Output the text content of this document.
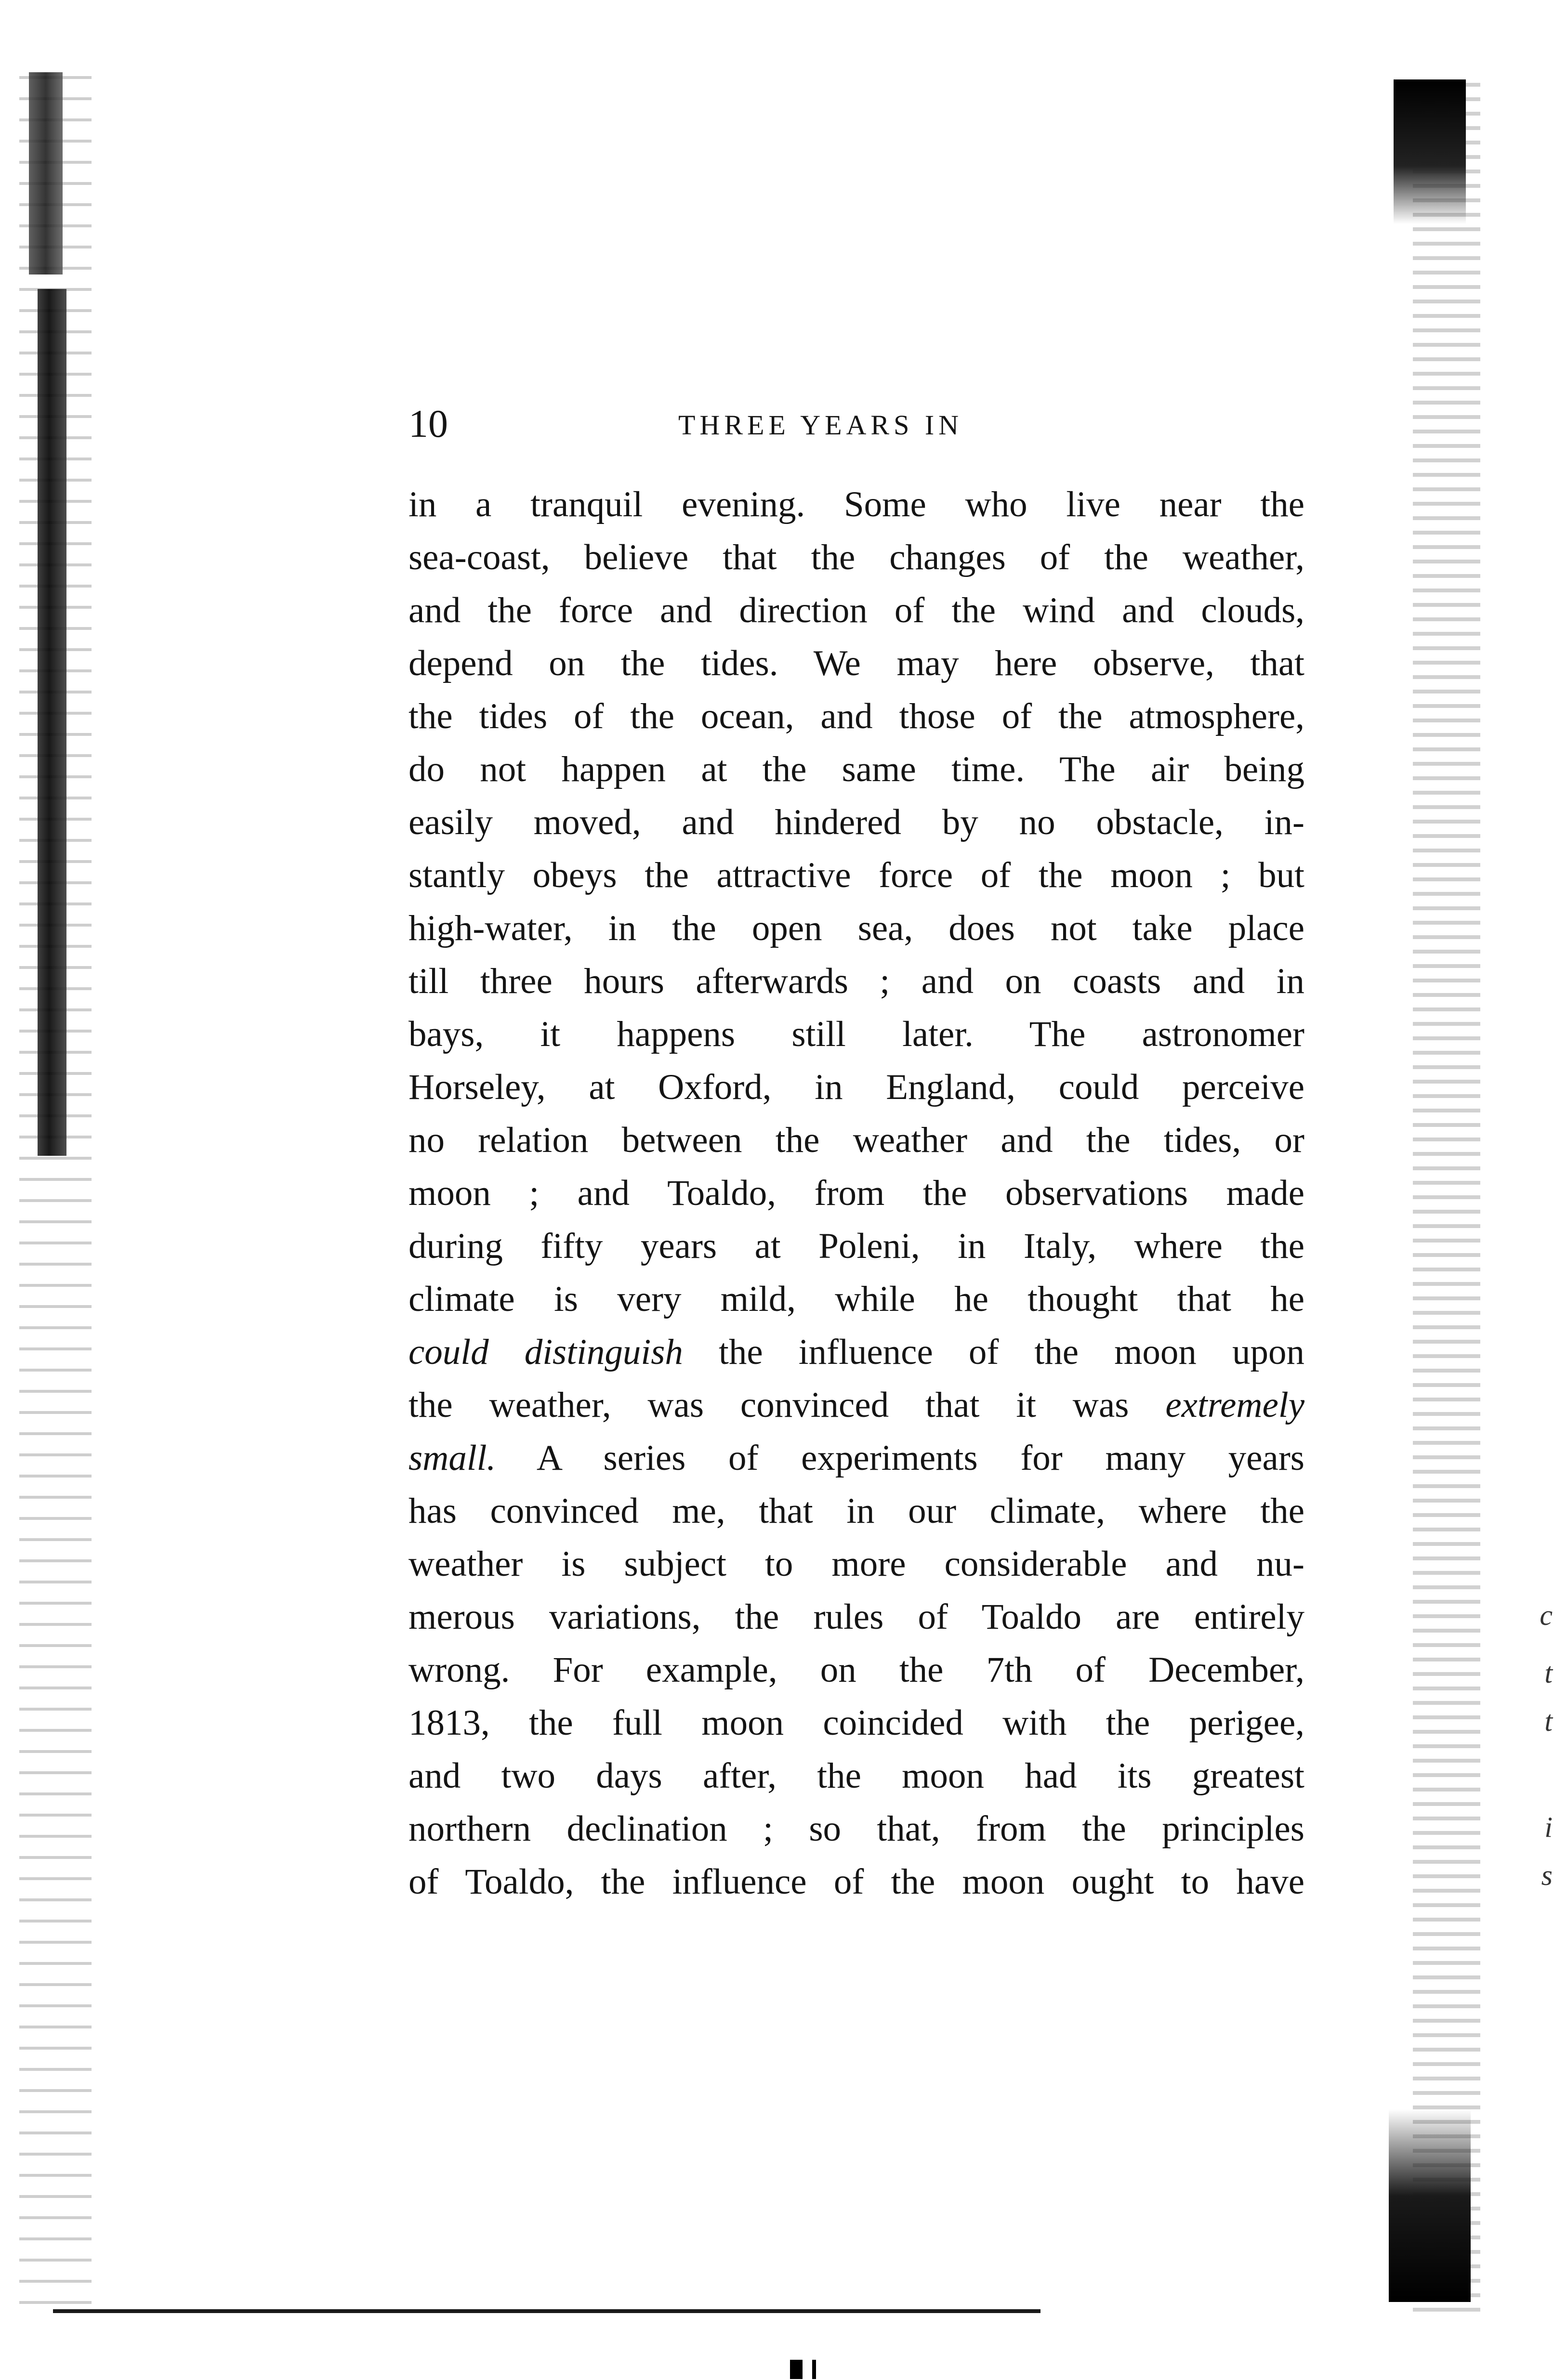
c
t
t
i
s
10	THREE YEARS IN
in a tranquil evening. Some who live near the
sea-coast, believe that the changes of the weather,
and the force and direction of the wind and clouds,
depend on the tides. We may here observe, that
the tides of the ocean, and those of the atmosphere,
do not happen at the same time. The air being
easily moved, and hindered by no obstacle, in-
stantly obeys the attractive force of the moon ; but
high-water, in the open sea, does not take place
till three hours afterwards ; and on coasts and in
bays, it happens still later. The astronomer
Horseley, at Oxford, in England, could perceive
no relation between the weather and the tides, or
moon ; and Toaldo, from the observations made
during fifty years at Poleni, in Italy, where the
climate is very mild, while he thought that he
could distinguish the influence of the moon upon
the weather, was convinced that it was extremely
small. A series of experiments for many years
has convinced me, that in our climate, where the
weather is subject to more considerable and nu-
merous variations, the rules of Toaldo are entirely
wrong. For example, on the 7th of December,
1813, the full moon coincided with the perigee,
and two days after, the moon had its greatest
northern declination ; so that, from the principles
of Toaldo, the influence of the moon ought to have
